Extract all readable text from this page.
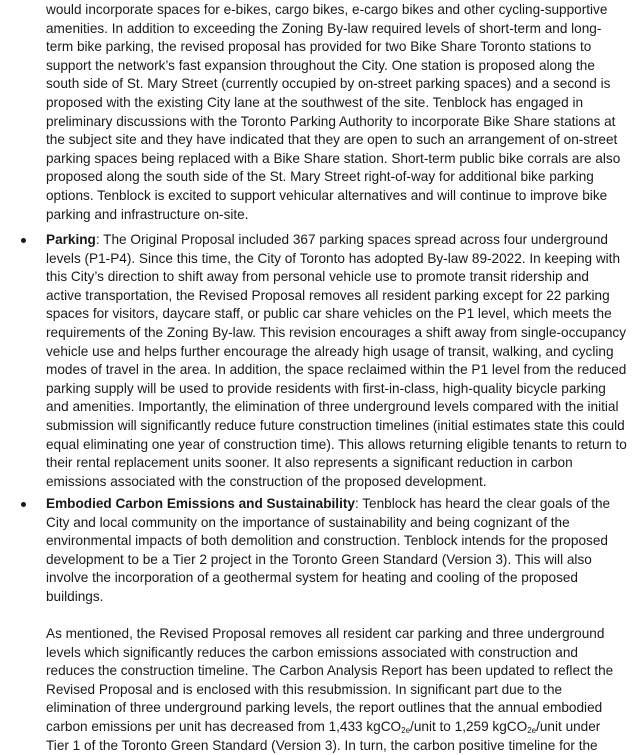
would incorporate spaces for e-bikes, cargo bikes, e-cargo bikes and other cycling-supportive
amenities. In addition to exceeding the Zoning By-law required levels of short-term and long-
term bike parking, the revised proposal has provided for two Bike Share Toronto stations to
support the network’s fast expansion throughout the City. One station is proposed along the
south side of St. Mary Street (currently occupied by on-street parking spaces) and a second is
proposed with the existing City lane at the southwest of the site. Tenblock has engaged in
preliminary discussions with the Toronto Parking Authority to incorporate Bike Share stations at
the subject site and they have indicated that they are open to such an arrangement of on-street
parking spaces being replaced with a Bike Share station. Short-term public bike corrals are also
proposed along the south side of the St. Mary Street right-of-way for additional bike parking
options. Tenblock is excited to support vehicular alternatives and will continue to improve bike
parking and infrastructure on-site.
Parking: The Original Proposal included 367 parking spaces spread across four underground
levels (P1-P4). Since this time, the City of Toronto has adopted By-law 89-2022. In keeping with
this City’s direction to shift away from personal vehicle use to promote transit ridership and
active transportation, the Revised Proposal removes all resident parking except for 22 parking
spaces for visitors, daycare staff, or public car share vehicles on the P1 level, which meets the
requirements of the Zoning By-law. This revision encourages a shift away from single-occupancy
vehicle use and helps further encourage the already high usage of transit, walking, and cycling
modes of travel in the area. In addition, the space reclaimed within the P1 level from the reduced
parking supply will be used to provide residents with first-in-class, high-quality bicycle parking
and amenities. Importantly, the elimination of three underground levels compared with the initial
submission will significantly reduce future construction timelines (initial estimates state this could
equal eliminating one year of construction time). This allows returning eligible tenants to return to
their rental replacement units sooner. It also represents a significant reduction in carbon
emissions associated with the construction of the proposed development.
Embodied Carbon Emissions and Sustainability: Tenblock has heard the clear goals of the
City and local community on the importance of sustainability and being cognizant of the
environmental impacts of both demolition and construction. Tenblock intends for the proposed
development to be a Tier 2 project in the Toronto Green Standard (Version 3). This will also
involve the incorporation of a geothermal system for heating and cooling of the proposed
buildings.
As mentioned, the Revised Proposal removes all resident car parking and three underground
levels which significantly reduces the carbon emissions associated with construction and
reduces the construction timeline. The Carbon Analysis Report has been updated to reflect the
Revised Proposal and is enclosed with this resubmission. In significant part due to the
elimination of three underground parking levels, the report outlines that the annual embodied
carbon emissions per unit has decreased from 1,433 kgCO$_{2e}$/unit to 1,259 kgCO$_{2e}$/unit under
Tier 1 of the Toronto Green Standard (Version 3). In turn, the carbon positive timeline for the
